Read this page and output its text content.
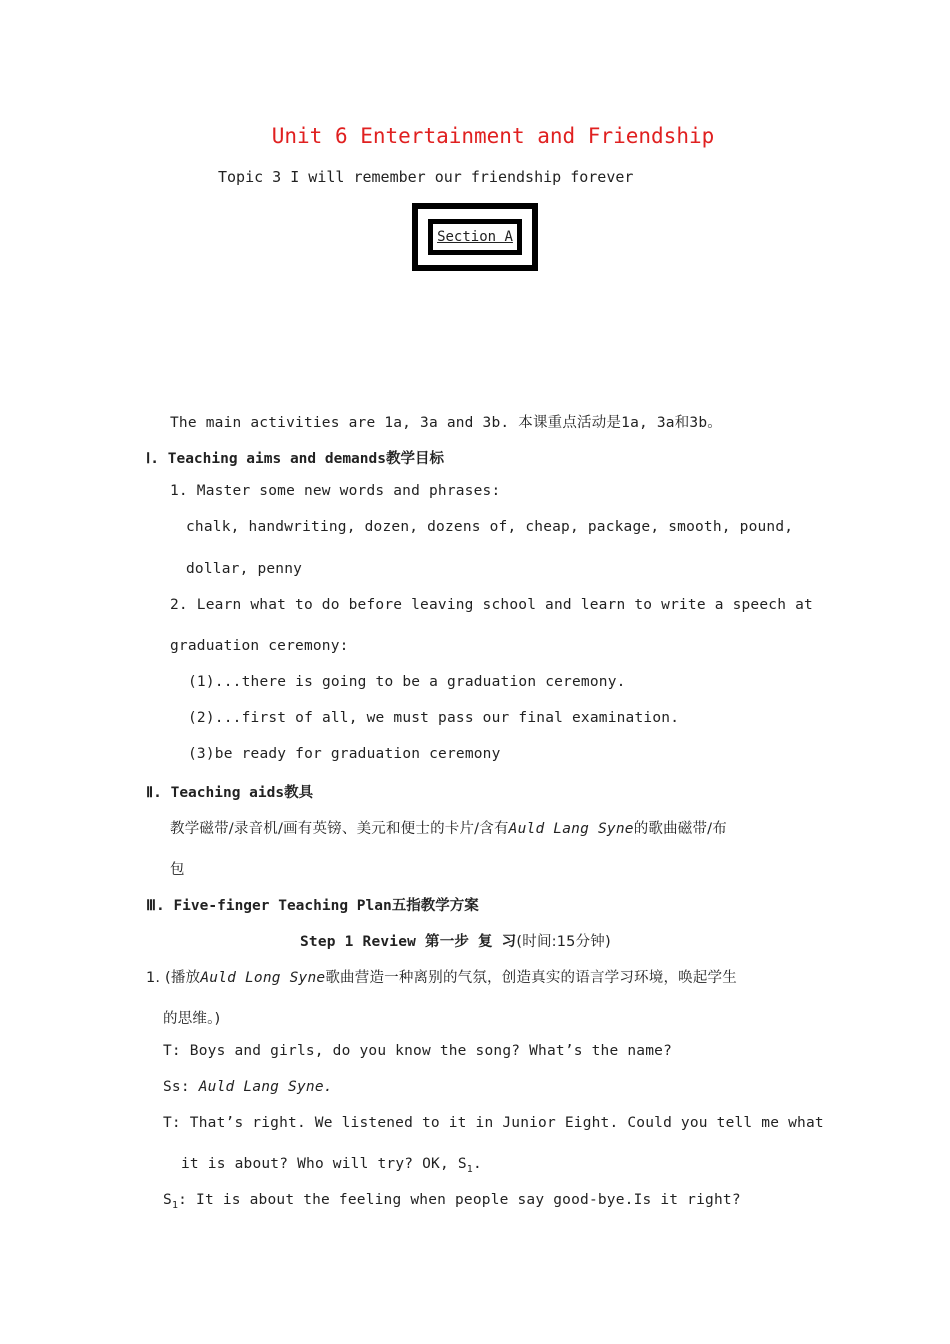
Unit 6 Entertainment and Friendship
Topic 3 I will remember our friendship forever
Section A
The main activities are 1a, 3a and 3b. 本课重点活动是1a, 3a和3b。
Ⅰ. Teaching aims and demands教学目标
1. Master some new words and phrases:
chalk, handwriting, dozen, dozens of, cheap, package, smooth, pound,
dollar, penny
2. Learn what to do before leaving school and learn to write a speech at
graduation ceremony:
(1)...there is going to be a graduation ceremony.
(2)...first of all, we must pass our final examination.
(3)be ready for graduation ceremony
Ⅱ. Teaching aids教具
教学磁带/录音机/画有英镑、美元和便士的卡片/含有Auld Lang Syne的歌曲磁带/布
包
Ⅲ. Five-finger Teaching Plan五指教学方案
Step 1 Review 第一步 复 习(时间:15分钟)
1. (播放Auld Long Syne歌曲营造一种离别的气氛，创造真实的语言学习环境，唤起学生
的思维。)
T: Boys and girls, do you know the song? What’s the name?
Ss: Auld Lang Syne.
T: That’s right. We listened to it in Junior Eight. Could you tell me what
it is about? Who will try? OK, $S_1$.
$S_1$: It is about the feeling when people say good-bye.Is it right?
